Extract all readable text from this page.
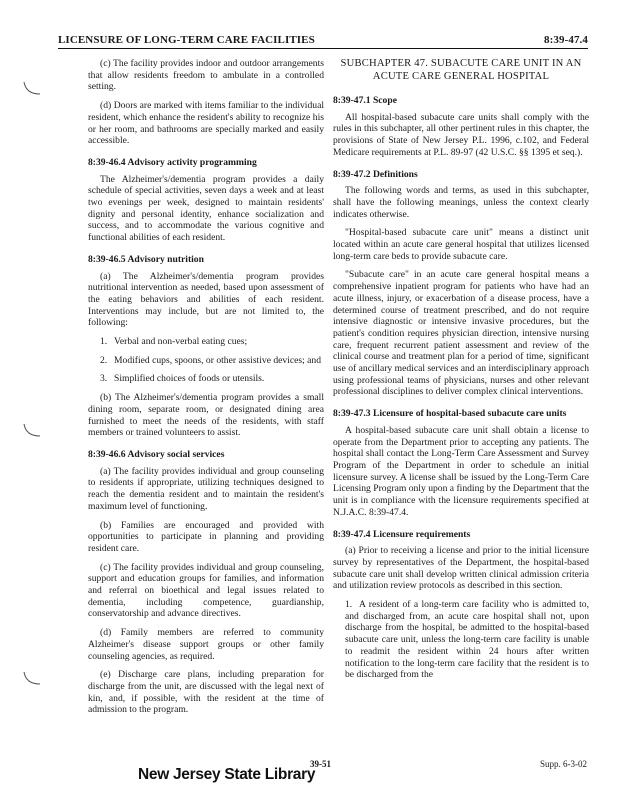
LICENSURE OF LONG-TERM CARE FACILITIES	8:39-47.4

(c) The facility provides indoor and outdoor arrangements that allow residents freedom to ambulate in a controlled setting.

(d) Doors are marked with items familiar to the individual resident, which enhance the resident's ability to recognize his or her room, and bathrooms are specially marked and easily accessible.

8:39-46.4 Advisory activity programming

The Alzheimer's/dementia program provides a daily schedule of special activities, seven days a week and at least two evenings per week, designed to maintain residents' dignity and personal identity, enhance socialization and success, and to accommodate the various cognitive and functional abilities of each resident.

8:39-46.5 Advisory nutrition

(a) The Alzheimer's/dementia program provides nutritional intervention as needed, based upon assessment of the eating behaviors and abilities of each resident. Interventions may include, but are not limited to, the following:

1. Verbal and non-verbal eating cues;

2. Modified cups, spoons, or other assistive devices; and

3. Simplified choices of foods or utensils.

(b) The Alzheimer's/dementia program provides a small dining room, separate room, or designated dining area furnished to meet the needs of the residents, with staff members or trained volunteers to assist.

8:39-46.6 Advisory social services

(a) The facility provides individual and group counseling to residents if appropriate, utilizing techniques designed to reach the dementia resident and to maintain the resident's maximum level of functioning.

(b) Families are encouraged and provided with opportunities to participate in planning and providing resident care.

(c) The facility provides individual and group counseling, support and education groups for families, and information and referral on bioethical and legal issues related to dementia, including competence, guardianship, conservatorship and advance directives.

(d) Family members are referred to community Alzheimer's disease support groups or other family counseling agencies, as required.

(e) Discharge care plans, including preparation for discharge from the unit, are discussed with the legal next of kin, and, if possible, with the resident at the time of admission to the program.

SUBCHAPTER 47. SUBACUTE CARE UNIT IN AN ACUTE CARE GENERAL HOSPITAL
8:39-47.1 Scope

All hospital-based subacute care units shall comply with the rules in this subchapter, all other pertinent rules in this chapter, the provisions of State of New Jersey P.L. 1996, c.102, and Federal Medicare requirements at P.L. 89-97 (42 U.S.C. §§ 1395 et seq.).

8:39-47.2 Definitions

The following words and terms, as used in this subchapter, shall have the following meanings, unless the context clearly indicates otherwise.

"Hospital-based subacute care unit" means a distinct unit located within an acute care general hospital that utilizes licensed long-term care beds to provide subacute care.

"Subacute care" in an acute care general hospital means a comprehensive inpatient program for patients who have had an acute illness, injury, or exacerbation of a disease process, have a determined course of treatment prescribed, and do not require intensive diagnostic or intensive invasive procedures, but the patient's condition requires physician direction, intensive nursing care, frequent recurrent patient assessment and review of the clinical course and treatment plan for a period of time, significant use of ancillary medical services and an interdisciplinary approach using professional teams of physicians, nurses and other relevant professional disciplines to deliver complex clinical interventions.

8:39-47.3 Licensure of hospital-based subacute care units

A hospital-based subacute care unit shall obtain a license to operate from the Department prior to accepting any patients. The hospital shall contact the Long-Term Care Assessment and Survey Program of the Department in order to schedule an initial licensure survey. A license shall be issued by the Long-Term Care Licensing Program only upon a finding by the Department that the unit is in compliance with the licensure requirements specified at N.J.A.C. 8:39-47.4.

8:39-47.4 Licensure requirements

(a) Prior to receiving a license and prior to the initial licensure survey by representatives of the Department, the hospital-based subacute care unit shall develop written clinical admission criteria and utilization review protocols as described in this section.

1. A resident of a long-term care facility who is admitted to, and discharged from, an acute care hospital shall not, upon discharge from the hospital, be admitted to the hospital-based subacute care unit, unless the long-term care facility is unable to readmit the resident within 24 hours after written notification to the long-term care facility that the resident is to be discharged from the

39-51	Supp. 6-3-02
New Jersey State Library
